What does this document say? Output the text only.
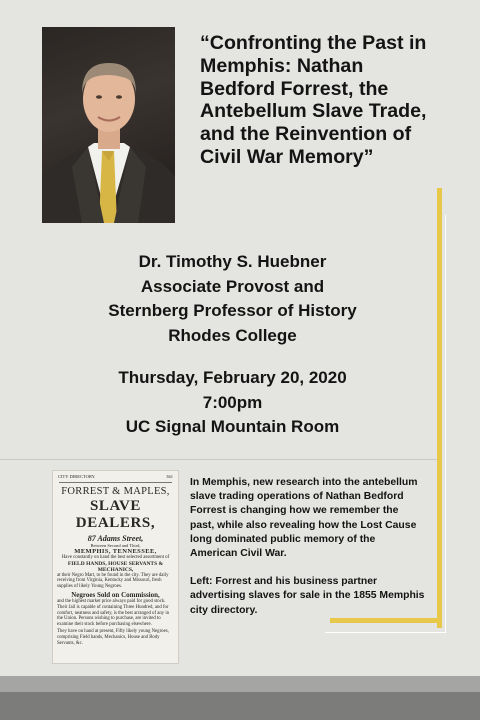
“Confronting the Past in Memphis: Nathan Bedford Forrest, the Antebellum Slave Trade, and the Reinvention of Civil War Memory”
Dr. Timothy S. Huebner
Associate Provost and
Sternberg Professor of History
Rhodes College
Thursday, February 20, 2020
7:00pm
UC Signal Mountain Room
CITY DIRECTORY.	361
FORREST & MAPLES,
SLAVE DEALERS,
87 Adams Street,
Between Second and Third,
MEMPHIS, TENNESSEE,
Have constantly on hand the best selected assortment of
FIELD HANDS, HOUSE SERVANTS & MECHANICS,
at their Negro Mart, to be found in the city. They are daily receiving from Virginia, Kentucky and Missouri, fresh supplies of likely Young Negroes.
Negroes Sold on Commission,
and the highest market price always paid for good stock. Their Jail is capable of containing Three Hundred, and for comfort, neatness and safety, is the best arranged of any in the Union. Persons wishing to purchase, are invited to examine their stock before purchasing elsewhere.
They have on hand at present, Fifty likely young Negroes, comprising Field hands, Mechanics, House and Body Servants, &c.

In Memphis, new research into the antebellum slave trading operations of Nathan Bedford Forrest is changing how we remember the past, while also revealing how the Lost Cause long dominated public memory of the American Civil War.

Left: Forrest and his business partner advertising slaves for sale in the 1855 Memphis city directory.
